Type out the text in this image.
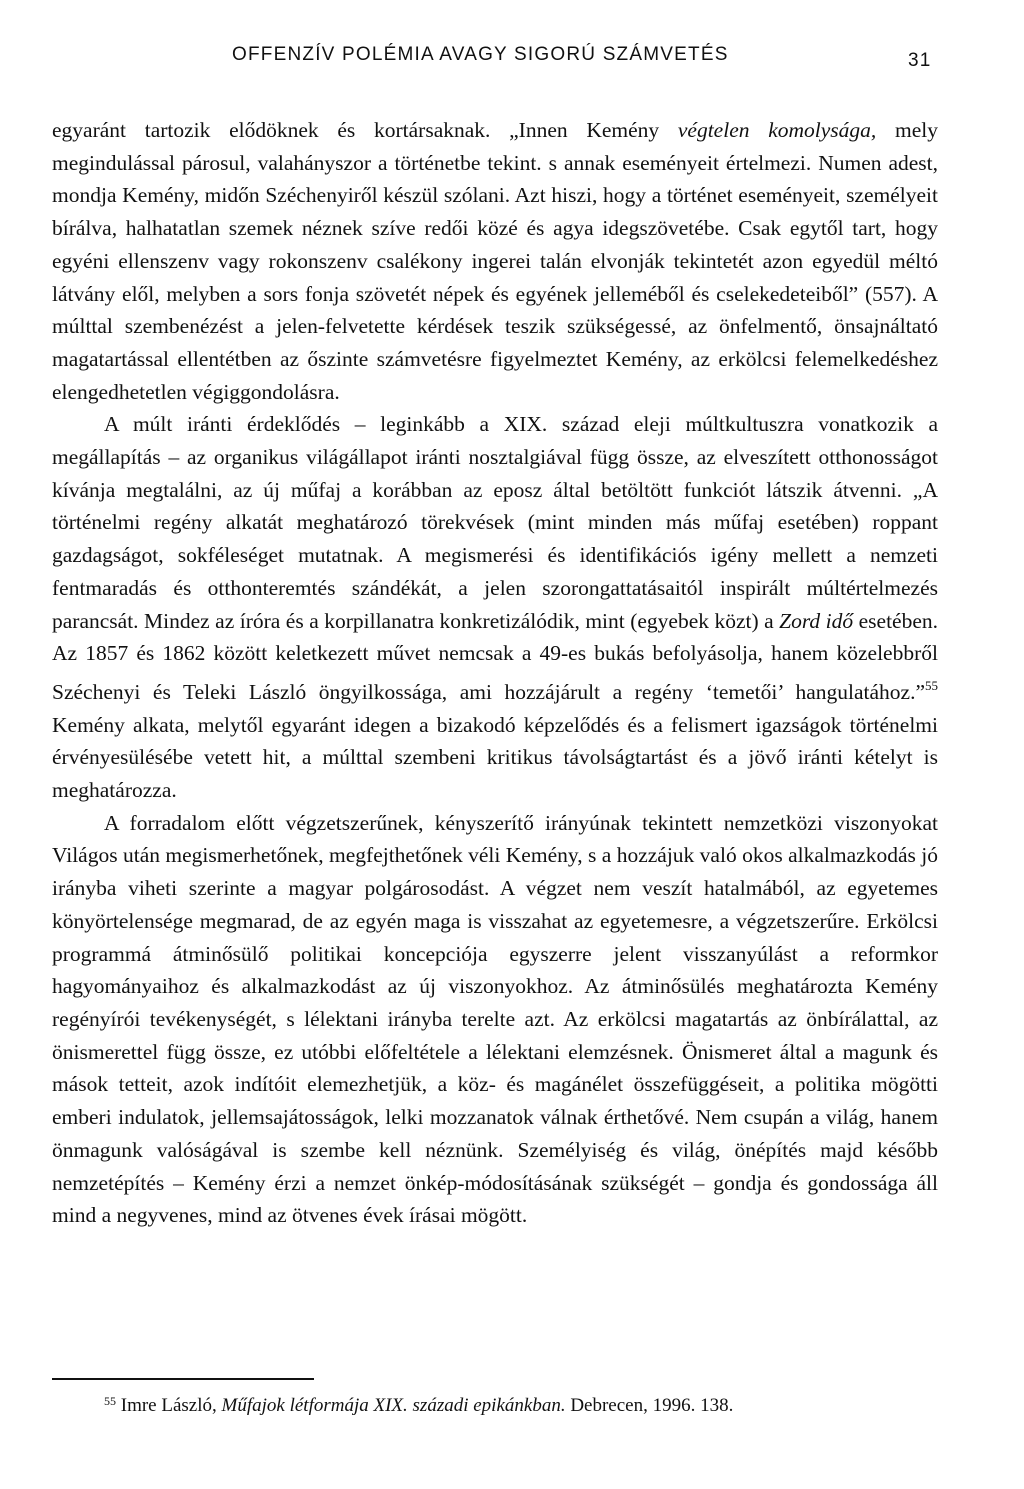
OFFENZÍV POLÉMIA AVAGY SIGORÚ SZÁMVETÉS	31

egyaránt tartozik elődöknek és kortársaknak. „Innen Kemény végtelen komolysága, mely megindulással párosul, valahányszor a történetbe tekint. s annak eseményeit értelmezi. Numen adest, mondja Kemény, midőn Széchenyiről készül szólani. Azt hiszi, hogy a történet eseményeit, személyeit bírálva, halhatatlan szemek néznek szíve redői közé és agya idegszövetébe. Csak egytől tart, hogy egyéni ellenszenv vagy rokonszenv csalékony ingerei talán elvonják tekintetét azon egyedül méltó látvány elől, melyben a sors fonja szövetét népek és egyének jelleméből és cselekedeteiből” (557). A múlttal szembenézést a jelen-felvetette kérdések teszik szükségessé, az önfelmentő, önsajnáltató magatartással ellentétben az őszinte számvetésre figyelmeztet Kemény, az erkölcsi felemelkedéshez elengedhetetlen végiggondolásra.

A múlt iránti érdeklődés – leginkább a XIX. század eleji múltkultuszra vonatkozik a megállapítás – az organikus világállapot iránti nosztalgiával függ össze, az elveszített otthonosságot kívánja megtalálni, az új műfaj a korábban az eposz által betöltött funkciót látszik átvenni. „A történelmi regény alkatát meghatározó törekvések (mint minden más műfaj esetében) roppant gazdagságot, sokféleséget mutatnak. A megismerési és identifikációs igény mellett a nemzeti fentmaradás és otthonteremtés szándékát, a jelen szorongattatásaitól inspirált múltértelmezés parancsát. Mindez az íróra és a korpillanatra konkretizálódik, mint (egyebek közt) a Zord idő esetében. Az 1857 és 1862 között keletkezett művet nemcsak a 49-es bukás befolyásolja, hanem közelebbről Széchenyi és Teleki László öngyilkossága, ami hozzájárult a regény ‘temetői’ hangulatához.”$^{55}$ Kemény alkata, melytől egyaránt idegen a bizakodó képzelődés és a felismert igazságok történelmi érvényesülésébe vetett hit, a múlttal szembeni kritikus távolságtartást és a jövő iránti kételyt is meghatározza.

A forradalom előtt végzetszerűnek, kényszerítő irányúnak tekintett nemzetközi viszonyokat Világos után megismerhetőnek, megfejthetőnek véli Kemény, s a hozzájuk való okos alkalmazkodás jó irányba viheti szerinte a magyar polgárosodást. A végzet nem veszít hatalmából, az egyetemes könyörtelensége megmarad, de az egyén maga is visszahat az egyetemesre, a végzetszerűre. Erkölcsi programmá átminősülő politikai koncepciója egyszerre jelent visszanyúlást a reformkor hagyományaihoz és alkalmazkodást az új viszonyokhoz. Az átminősülés meghatározta Kemény regényírói tevékenységét, s lélektani irányba terelte azt. Az erkölcsi magatartás az önbírálattal, az önismerettel függ össze, ez utóbbi előfeltétele a lélektani elemzésnek. Önismeret által a magunk és mások tetteit, azok indítóit elemezhetjük, a köz- és magánélet összefüggéseit, a politika mögötti emberi indulatok, jellemsajátosságok, lelki mozzanatok válnak érthetővé. Nem csupán a világ, hanem önmagunk valóságával is szembe kell néznünk. Személyiség és világ, önépítés majd később nemzetépítés – Kemény érzi a nemzet önkép-módosításának szükségét – gondja és gondossága áll mind a negyvenes, mind az ötvenes évek írásai mögött.

$^{55}$ Imre László, Műfajok létformája XIX. századi epikánkban. Debrecen, 1996. 138.
